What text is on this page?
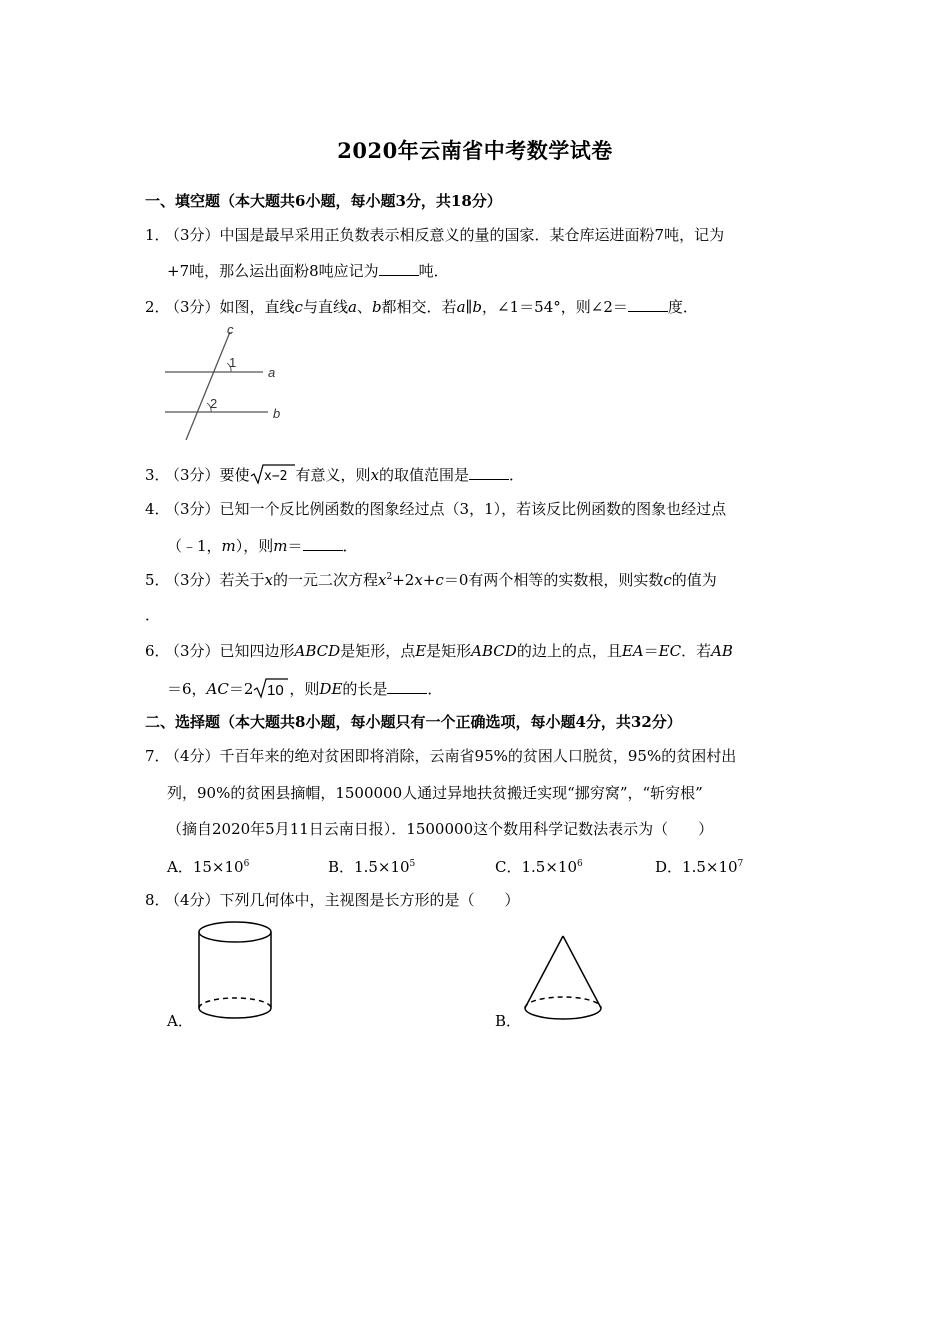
2020年云南省中考数学试卷
一、填空题（本大题共6小题，每小题3分，共18分）
1．（3分）中国是最早采用正负数表示相反意义的量的国家．某仓库运进面粉7吨，记为
+7吨，那么运出面粉8吨应记为	吨．
2．（3分）如图，直线c与直线a、b都相交．若a∥b，∠1＝54°，则∠2＝	度．
c
a
b
1
2
3．（3分）要使 x−2 有意义，则x的取值范围是	．
4．（3分）已知一个反比例函数的图象经过点（3，1），若该反比例函数的图象也经过点
（﹣1，m），则m＝	．
5．（3分）若关于x的一元二次方程$x^2+2x+c=0$有两个相等的实数根，则实数c的值为
．
6．（3分）已知四边形ABCD是矩形，点E是矩形ABCD的边上的点，且EA＝EC．若AB
＝6，AC＝2 10 ，则DE的长是	．
二、选择题（本大题共8小题，每小题只有一个正确选项，每小题4分，共32分）
7．（4分）千百年来的绝对贫困即将消除，云南省95%的贫困人口脱贫，95%的贫困村出
列，90%的贫困县摘帽，1500000人通过异地扶贫搬迁实现“挪穷窝”，“斩穷根”
（摘自2020年5月11日云南日报）．1500000这个数用科学记数法表示为（　　）
A．$15\times 10^6$	B．$1.5\times 10^5$	C．$1.5\times 10^6$	D．$1.5\times 10^7$
8．（4分）下列几何体中，主视图是长方形的是（　　）
A．	B．
